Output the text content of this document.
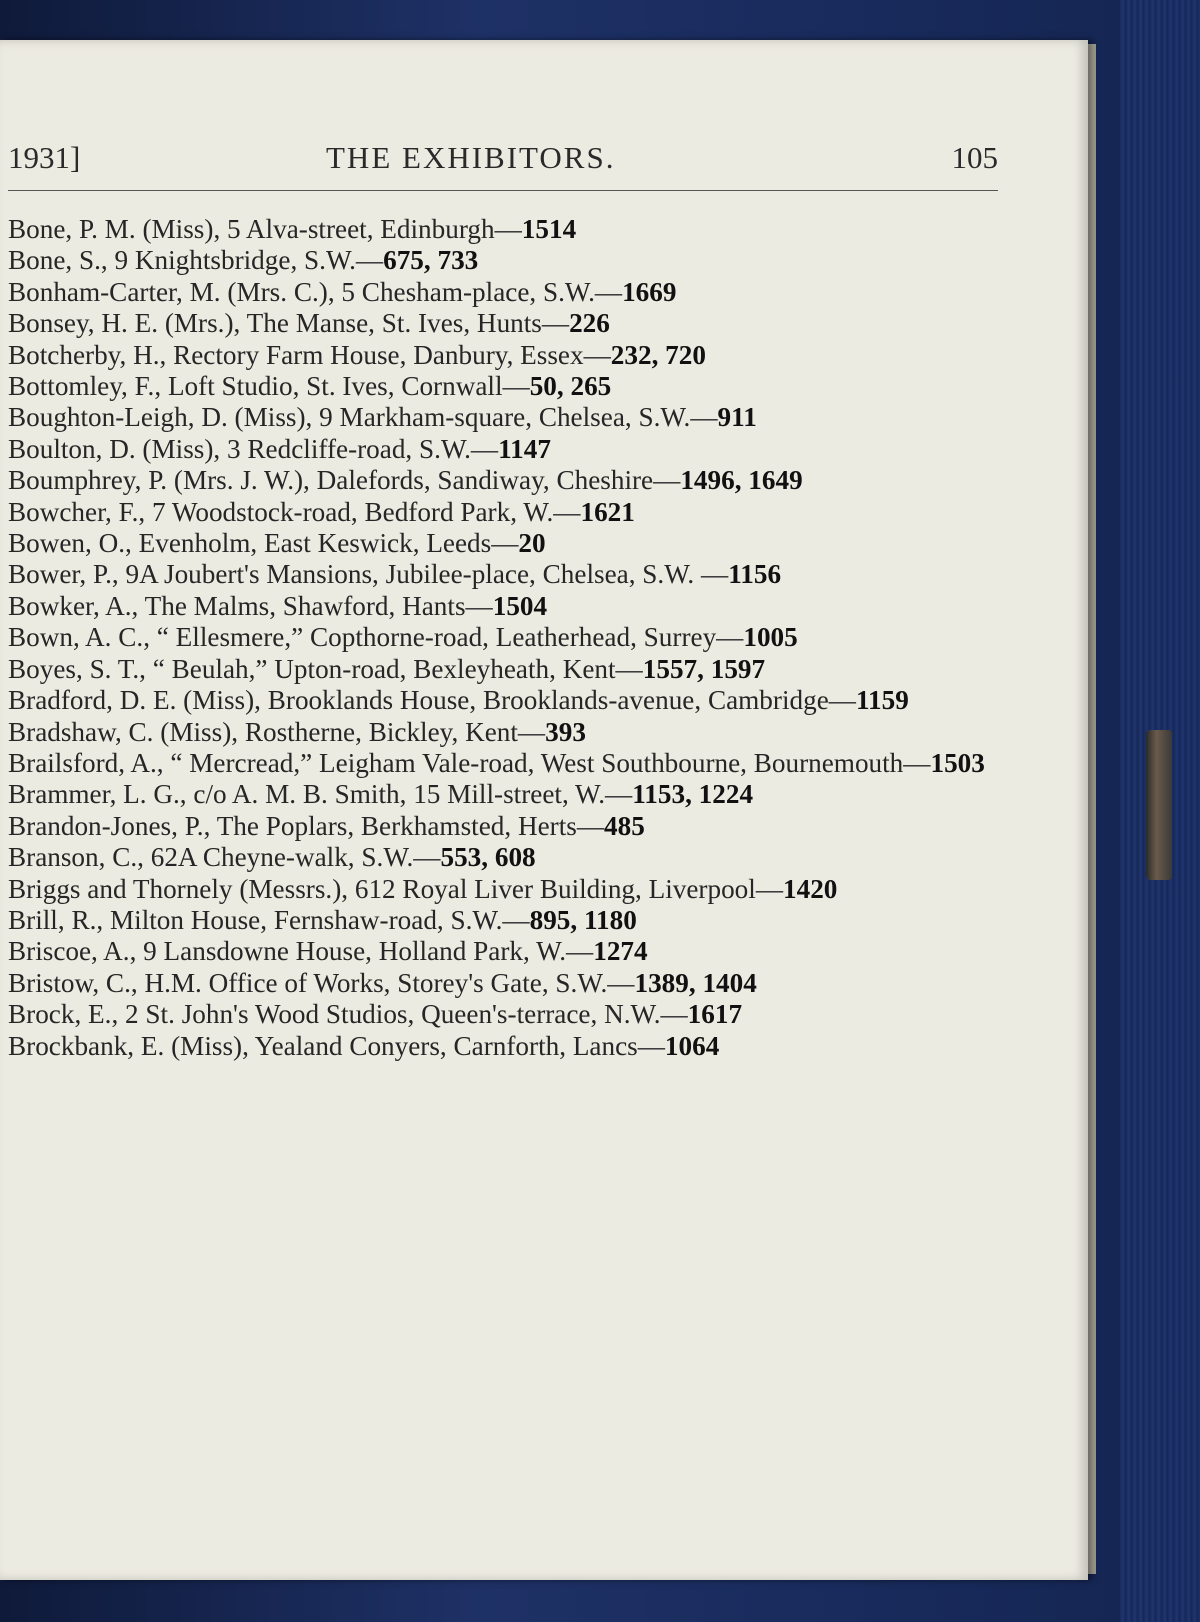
1931]	THE EXHIBITORS.	105

Bone, P. M. (Miss), 5 Alva-street, Edinburgh—1514

Bone, S., 9 Knightsbridge, S.W.—675, 733

Bonham-Carter, M. (Mrs. C.), 5 Chesham-place, S.W.—1669

Bonsey, H. E. (Mrs.), The Manse, St. Ives, Hunts—226

Botcherby, H., Rectory Farm House, Danbury, Essex—232, 720

Bottomley, F., Loft Studio, St. Ives, Cornwall—50, 265

Boughton-Leigh, D. (Miss), 9 Markham-square, Chelsea, S.W.—911

Boulton, D. (Miss), 3 Redcliffe-road, S.W.—1147

Boumphrey, P. (Mrs. J. W.), Dalefords, Sandiway, Cheshire—1496, 1649

Bowcher, F., 7 Woodstock-road, Bedford Park, W.—1621

Bowen, O., Evenholm, East Keswick, Leeds—20

Bower, P., 9A Joubert's Mansions, Jubilee-place, Chelsea, S.W. —1156

Bowker, A., The Malms, Shawford, Hants—1504

Bown, A. C., “ Ellesmere,” Copthorne-road, Leatherhead, Surrey—1005

Boyes, S. T., “ Beulah,” Upton-road, Bexleyheath, Kent—1557, 1597

Bradford, D. E. (Miss), Brooklands House, Brooklands-avenue, Cambridge—1159

Bradshaw, C. (Miss), Rostherne, Bickley, Kent—393

Brailsford, A., “ Mercread,” Leigham Vale-road, West Southbourne, Bournemouth—1503

Brammer, L. G., c/o A. M. B. Smith, 15 Mill-street, W.—1153, 1224

Brandon-Jones, P., The Poplars, Berkhamsted, Herts—485

Branson, C., 62A Cheyne-walk, S.W.—553, 608

Briggs and Thornely (Messrs.), 612 Royal Liver Building, Liverpool—1420

Brill, R., Milton House, Fernshaw-road, S.W.—895, 1180

Briscoe, A., 9 Lansdowne House, Holland Park, W.—1274

Bristow, C., H.M. Office of Works, Storey's Gate, S.W.—1389, 1404

Brock, E., 2 St. John's Wood Studios, Queen's-terrace, N.W.—1617

Brockbank, E. (Miss), Yealand Conyers, Carnforth, Lancs—1064
